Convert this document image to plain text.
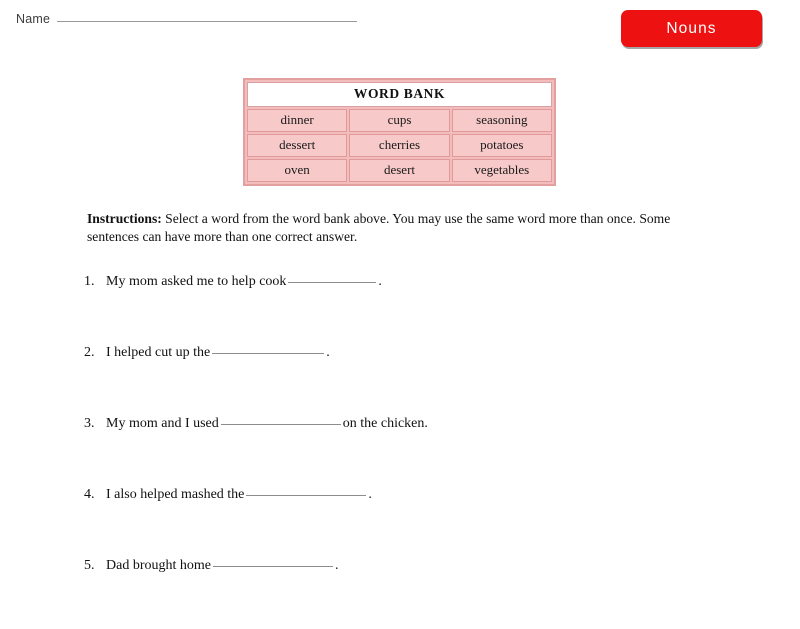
Name
Nouns
WORD BANK
dinner	cups	seasoning
dessert	cherries	potatoes
oven	desert	vegetables
Instructions: Select a word from the word bank above. You may use the same word more than once. Some sentences can have more than one correct answer.
1. My mom asked me to help cook	.
2. I helped cut up the	.
3. My mom and I used	on the chicken.
4. I also helped mashed the	.
5. Dad brought home	.
